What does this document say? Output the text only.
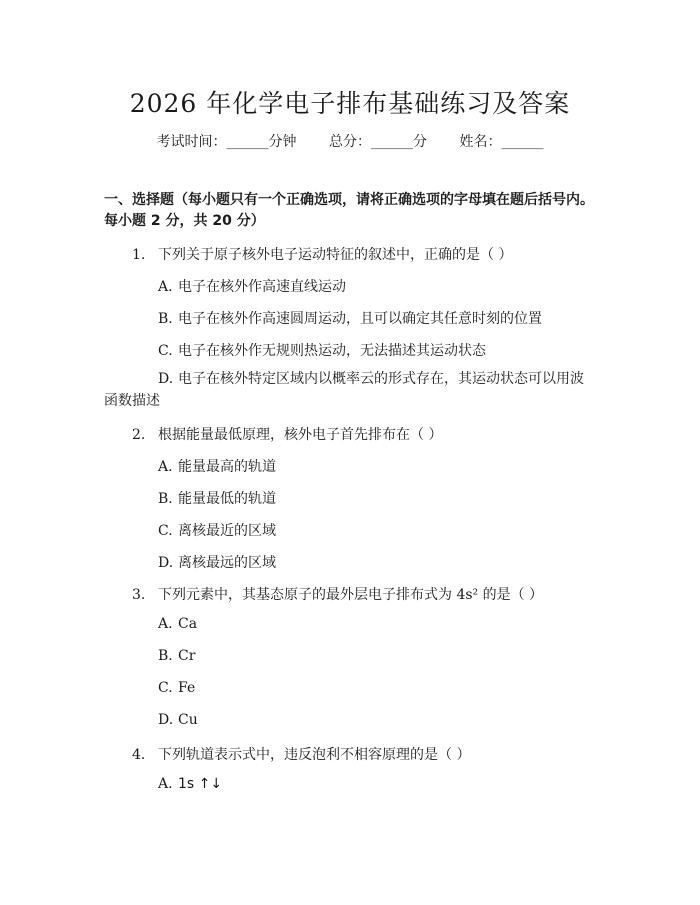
2026 年化学电子排布基础练习及答案
考试时间：______分钟 总分：______分 姓名：______
一、选择题（每小题只有一个正确选项，请将正确选项的字母填在题后括号内。每小题 2 分，共 20 分）
1. 下列关于原子核外电子运动特征的叙述中，正确的是（ ）
A. 电子在核外作高速直线运动
B. 电子在核外作高速圆周运动，且可以确定其任意时刻的位置
C. 电子在核外作无规则热运动，无法描述其运动状态
D. 电子在核外特定区域内以概率云的形式存在，其运动状态可以用波函数描述
2. 根据能量最低原理，核外电子首先排布在（ ）
A. 能量最高的轨道
B. 能量最低的轨道
C. 离核最近的区域
D. 离核最远的区域
3. 下列元素中，其基态原子的最外层电子排布式为 4s² 的是（ ）
A. Ca
B. Cr
C. Fe
D. Cu
4. 下列轨道表示式中，违反泡利不相容原理的是（ ）
A. 1s ↑↓
